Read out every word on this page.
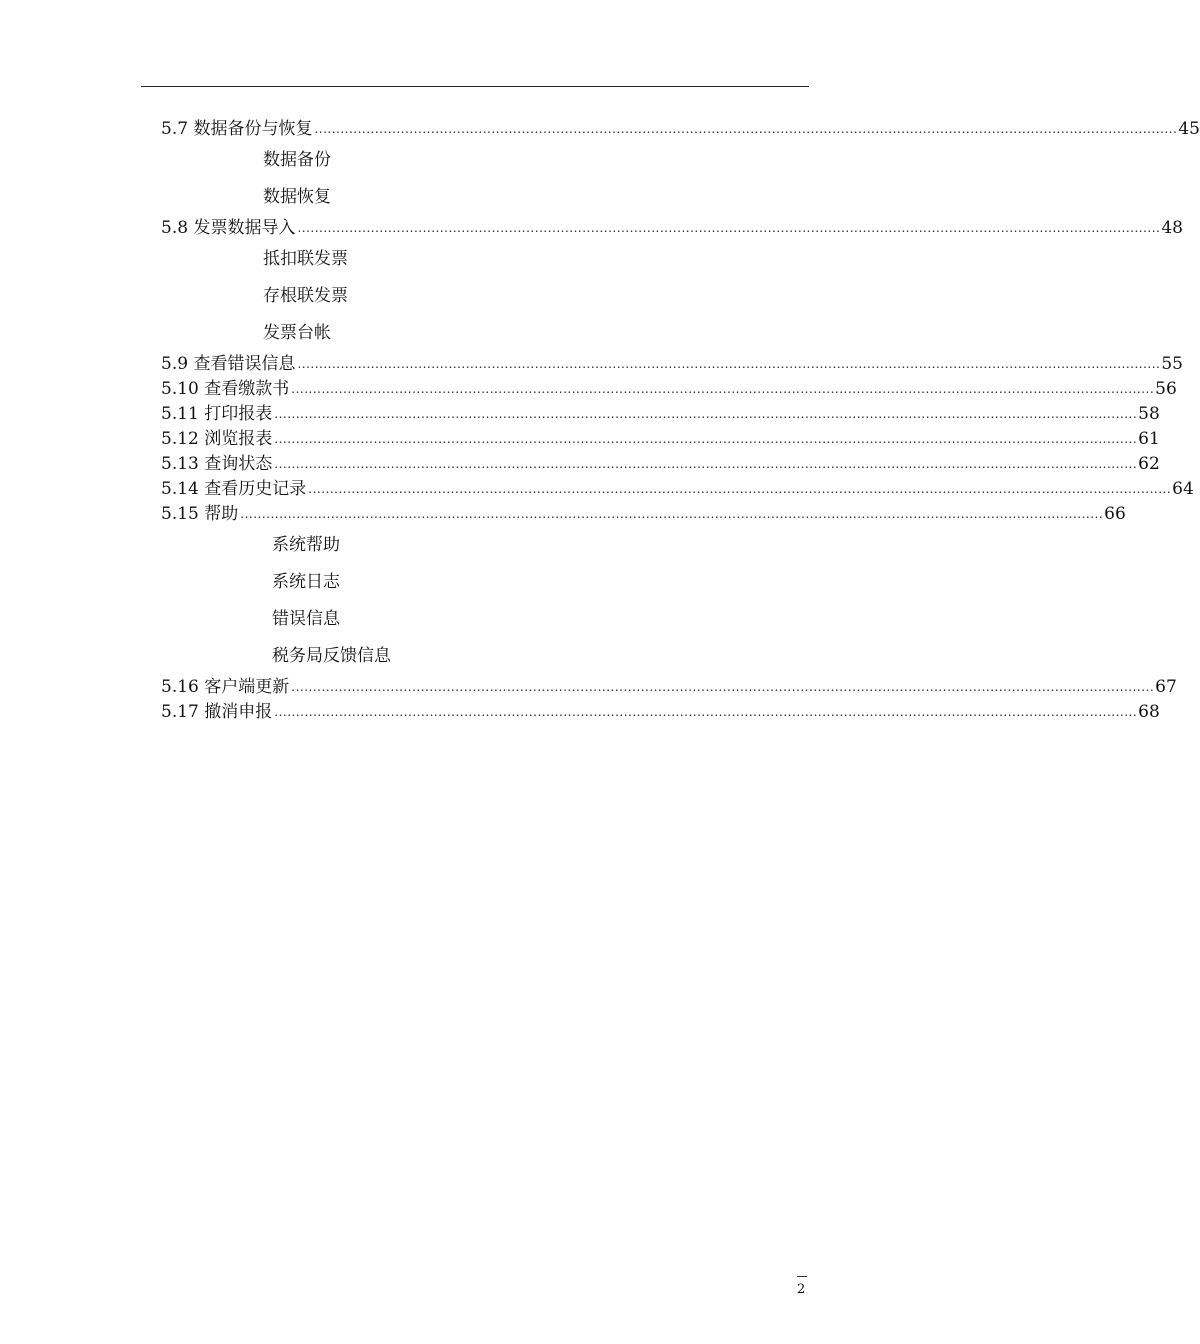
5.7 数据备份与恢复 ........................................................................................................................................................................................................ 45
数据备份
数据恢复
5.8 发票数据导入 ........................................................................................................................................................................................................ 48
抵扣联发票
存根联发票
发票台帐
5.9 查看错误信息 ........................................................................................................................................................................................................ 55
5.10 查看缴款书 ........................................................................................................................................................................................................ 56
5.11 打印报表 ........................................................................................................................................................................................................ 58
5.12 浏览报表 ........................................................................................................................................................................................................ 61
5.13 查询状态 ........................................................................................................................................................................................................ 62
5.14 查看历史记录 ........................................................................................................................................................................................................ 64
5.15 帮助 ........................................................................................................................................................................................................ 66
系统帮助
系统日志
错误信息
税务局反馈信息
5.16 客户端更新 ........................................................................................................................................................................................................ 67
5.17 撤消申报 ........................................................................................................................................................................................................ 68
2
